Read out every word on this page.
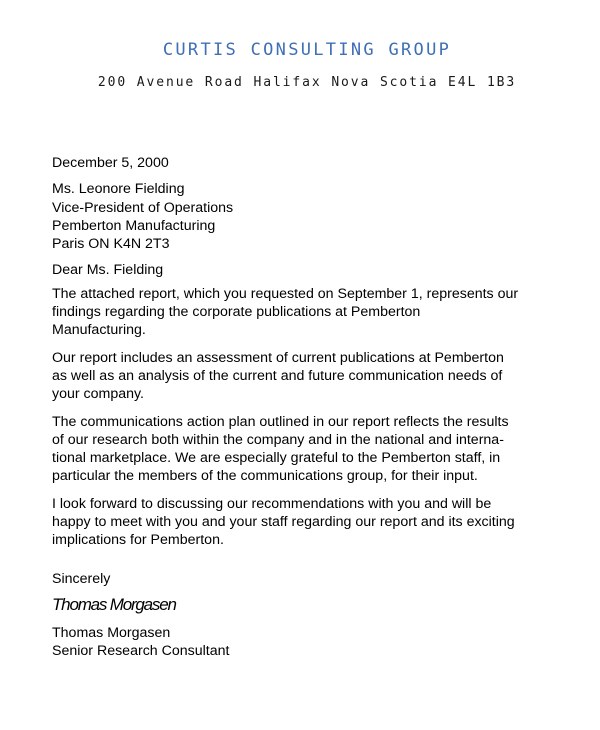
CURTIS CONSULTING GROUP
200 Avenue Road Halifax Nova Scotia E4L 1B3

December 5, 2000

Ms. Leonore Fielding
Vice-President of Operations
Pemberton Manufacturing
Paris ON K4N 2T3

Dear Ms. Fielding

The attached report, which you requested on September 1, represents our
findings regarding the corporate publications at Pemberton
Manufacturing.

Our report includes an assessment of current publications at Pemberton
as well as an analysis of the current and future communication needs of
your company.

The communications action plan outlined in our report reflects the results
of our research both within the company and in the national and interna-
tional marketplace. We are especially grateful to the Pemberton staff, in
particular the members of the communications group, for their input.

I look forward to discussing our recommendations with you and will be
happy to meet with you and your staff regarding our report and its exciting
implications for Pemberton.

Sincerely

Thomas Morgasen
Thomas Morgasen
Senior Research Consultant
